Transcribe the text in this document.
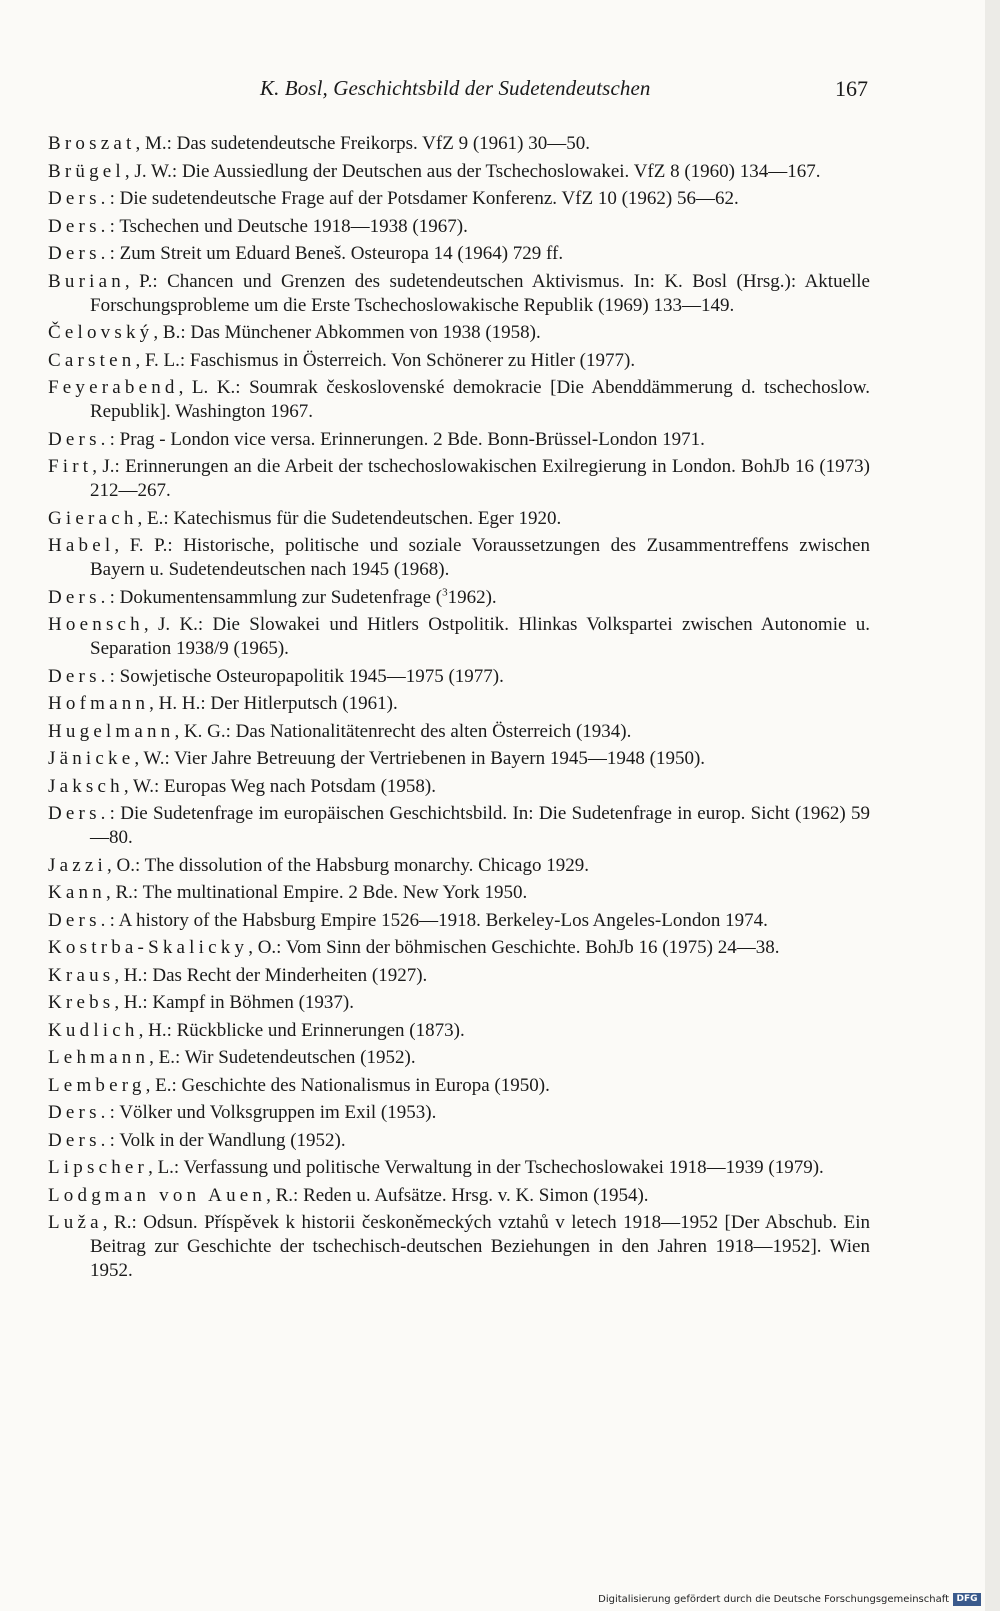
K. Bosl, Geschichtsbild der Sudetendeutschen	167

Broszat, M.: Das sudetendeutsche Freikorps. VfZ 9 (1961) 30—50.

Brügel, J. W.: Die Aussiedlung der Deutschen aus der Tschechoslowakei. VfZ 8 (1960) 134—167.

Ders.: Die sudetendeutsche Frage auf der Potsdamer Konferenz. VfZ 10 (1962) 56—62.

Ders.: Tschechen und Deutsche 1918—1938 (1967).

Ders.: Zum Streit um Eduard Beneš. Osteuropa 14 (1964) 729 ff.

Burian, P.: Chancen und Grenzen des sudetendeutschen Aktivismus. In: K. Bosl (Hrsg.): Aktuelle Forschungsprobleme um die Erste Tschechoslowakische Republik (1969) 133—149.

Čelovský, B.: Das Münchener Abkommen von 1938 (1958).

Carsten, F. L.: Faschismus in Österreich. Von Schönerer zu Hitler (1977).

Feyerabend, L. K.: Soumrak československé demokracie [Die Abenddämmerung d. tschechoslow. Republik]. Washington 1967.

Ders.: Prag - London vice versa. Erinnerungen. 2 Bde. Bonn-Brüssel-London 1971.

Firt, J.: Erinnerungen an die Arbeit der tschechoslowakischen Exilregierung in London. BohJb 16 (1973) 212—267.

Gierach, E.: Katechismus für die Sudetendeutschen. Eger 1920.

Habel, F. P.: Historische, politische und soziale Voraussetzungen des Zusammentreffens zwischen Bayern u. Sudetendeutschen nach 1945 (1968).

Ders.: Dokumentensammlung zur Sudetenfrage ($^3$1962).

Hoensch, J. K.: Die Slowakei und Hitlers Ostpolitik. Hlinkas Volkspartei zwischen Autonomie u. Separation 1938/9 (1965).

Ders.: Sowjetische Osteuropapolitik 1945—1975 (1977).

Hofmann, H. H.: Der Hitlerputsch (1961).

Hugelmann, K. G.: Das Nationalitätenrecht des alten Österreich (1934).

Jänicke, W.: Vier Jahre Betreuung der Vertriebenen in Bayern 1945—1948 (1950).

Jaksch, W.: Europas Weg nach Potsdam (1958).

Ders.: Die Sudetenfrage im europäischen Geschichtsbild. In: Die Sudetenfrage in europ. Sicht (1962) 59—80.

Jazzi, O.: The dissolution of the Habsburg monarchy. Chicago 1929.

Kann, R.: The multinational Empire. 2 Bde. New York 1950.

Ders.: A history of the Habsburg Empire 1526—1918. Berkeley-Los Angeles-London 1974.

Kostrba-Skalicky, O.: Vom Sinn der böhmischen Geschichte. BohJb 16 (1975) 24—38.

Kraus, H.: Das Recht der Minderheiten (1927).

Krebs, H.: Kampf in Böhmen (1937).

Kudlich, H.: Rückblicke und Erinnerungen (1873).

Lehmann, E.: Wir Sudetendeutschen (1952).

Lemberg, E.: Geschichte des Nationalismus in Europa (1950).

Ders.: Völker und Volksgruppen im Exil (1953).

Ders.: Volk in der Wandlung (1952).

Lipscher, L.: Verfassung und politische Verwaltung in der Tschechoslowakei 1918—1939 (1979).

Lodgman von Auen, R.: Reden u. Aufsätze. Hrsg. v. K. Simon (1954).

Luža, R.: Odsun. Příspěvek k historii českoněmeckých vztahů v letech 1918—1952 [Der Abschub. Ein Beitrag zur Geschichte der tschechisch-deutschen Beziehungen in den Jahren 1918—1952]. Wien 1952.

Digitalisierung gefördert durch die Deutsche Forschungsgemeinschaft DFG
